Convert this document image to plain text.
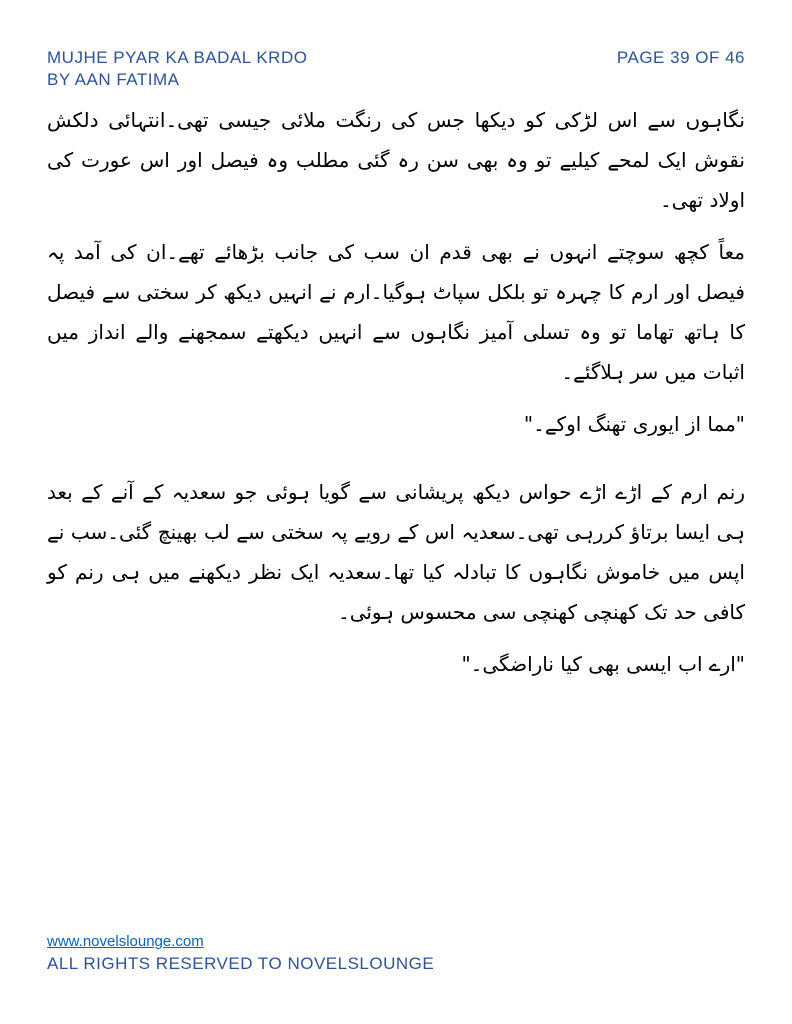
MUJHE PYAR KA BADAL KRDO
BY AAN FATIMA
PAGE 39 OF 46

نگاہوں سے اس لڑکی کو دیکھا جس کی رنگت ملائی جیسی تھی۔انتہائی دلکش نقوش ایک لمحے کیلیے تو وہ بھی سن رہ گئی مطلب وہ فیصل اور اس عورت کی اولاد تھی۔

معاً کچھ سوچتے انہوں نے بھی قدم ان سب کی جانب بڑھائے تھے۔ان کی آمد پہ فیصل اور ارم کا چہرہ تو بلکل سپاٹ ہوگیا۔ارم نے انہیں دیکھ کر سختی سے فیصل کا ہاتھ تھاما تو وہ تسلی آمیز نگاہوں سے انہیں دیکھتے سمجھنے والے انداز میں اثبات میں سر ہلاگئے۔

"مما از ایوری تھنگ اوکے۔"

رنم ارم کے اڑے اڑے حواس دیکھ پریشانی سے گویا ہوئی جو سعدیہ کے آنے کے بعد ہی ایسا برتاؤ کررہی تھی۔سعدیہ اس کے رویے پہ سختی سے لب بھینچ گئی۔سب نے اپس میں خاموش نگاہوں کا تبادلہ کیا تھا۔سعدیہ ایک نظر دیکھنے میں ہی رنم کو کافی حد تک کھنچی کھنچی سی محسوس ہوئی۔

"ارے اب ایسی بھی کیا ناراضگی۔"

www.novelslounge.com
ALL RIGHTS RESERVED TO NOVELSLOUNGE
